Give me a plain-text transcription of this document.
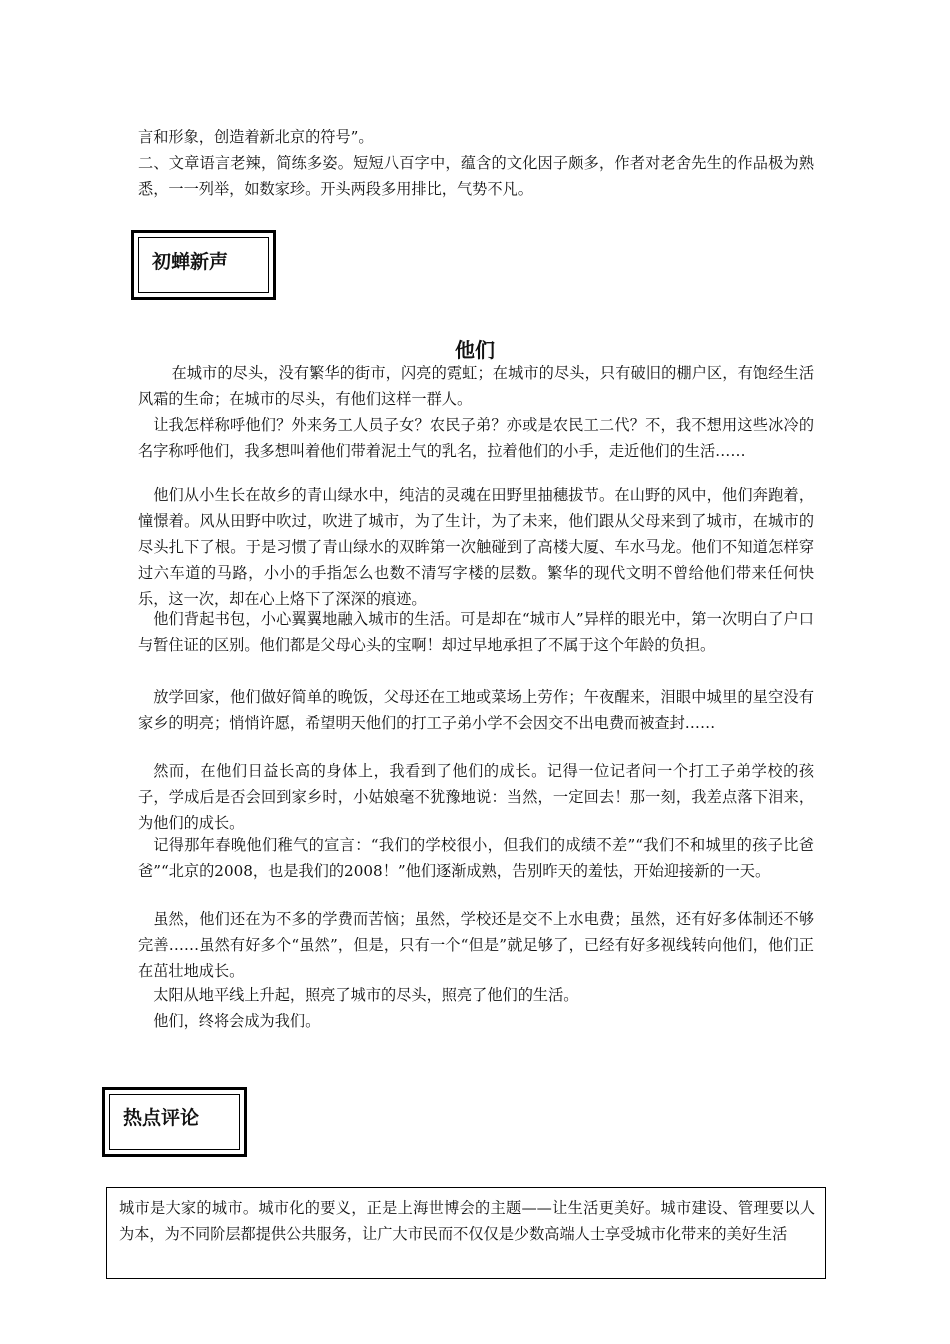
言和形象，创造着新北京的符号”。

二、文章语言老辣，简练多姿。短短八百字中，蕴含的文化因子颇多，作者对老舍先生的作品极为熟悉，一一列举，如数家珍。开头两段多用排比，气势不凡。

初蝉新声
他们

在城市的尽头，没有繁华的街市，闪亮的霓虹；在城市的尽头，只有破旧的棚户区，有饱经生活风霜的生命；在城市的尽头，有他们这样一群人。

让我怎样称呼他们？外来务工人员子女？农民子弟？亦或是农民工二代？不，我不想用这些冰冷的名字称呼他们，我多想叫着他们带着泥土气的乳名，拉着他们的小手，走近他们的生活……

他们从小生长在故乡的青山绿水中，纯洁的灵魂在田野里抽穗拔节。在山野的风中，他们奔跑着，憧憬着。风从田野中吹过，吹进了城市，为了生计，为了未来，他们跟从父母来到了城市，在城市的尽头扎下了根。于是习惯了青山绿水的双眸第一次触碰到了高楼大厦、车水马龙。他们不知道怎样穿过六车道的马路，小小的手指怎么也数不清写字楼的层数。繁华的现代文明不曾给他们带来任何快乐，这一次，却在心上烙下了深深的痕迹。

他们背起书包，小心翼翼地融入城市的生活。可是却在“城市人”异样的眼光中，第一次明白了户口与暂住证的区别。他们都是父母心头的宝啊！却过早地承担了不属于这个年龄的负担。

放学回家，他们做好简单的晚饭，父母还在工地或菜场上劳作；午夜醒来，泪眼中城里的星空没有家乡的明亮；悄悄许愿，希望明天他们的打工子弟小学不会因交不出电费而被查封……

然而，在他们日益长高的身体上，我看到了他们的成长。记得一位记者问一个打工子弟学校的孩子，学成后是否会回到家乡时，小姑娘毫不犹豫地说：当然，一定回去！那一刻，我差点落下泪来，为他们的成长。

记得那年春晚他们稚气的宣言：“我们的学校很小，但我们的成绩不差”“我们不和城里的孩子比爸爸”“北京的2008，也是我们的2008！”他们逐渐成熟，告别昨天的羞怯，开始迎接新的一天。

虽然，他们还在为不多的学费而苦恼；虽然，学校还是交不上水电费；虽然，还有好多体制还不够完善……虽然有好多个“虽然”，但是，只有一个“但是”就足够了，已经有好多视线转向他们，他们正在茁壮地成长。

太阳从地平线上升起，照亮了城市的尽头，照亮了他们的生活。

他们，终将会成为我们。

热点评论

城市是大家的城市。城市化的要义，正是上海世博会的主题——让生活更美好。城市建设、管理要以人为本，为不同阶层都提供公共服务，让广大市民而不仅仅是少数高端人士享受城市化带来的美好生活
